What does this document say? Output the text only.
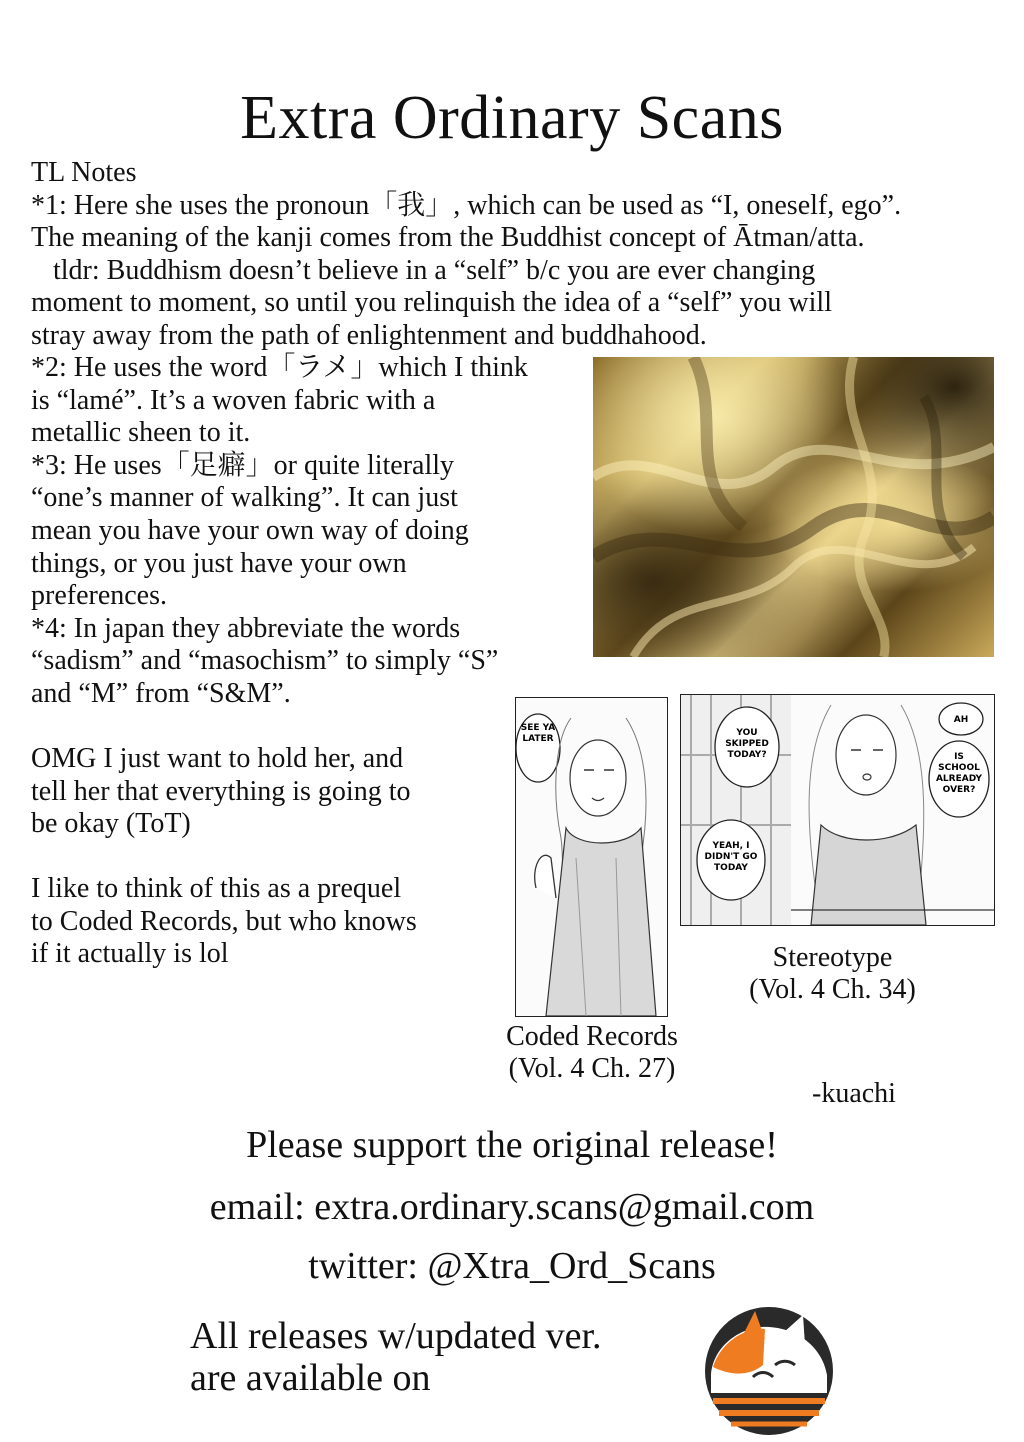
Extra Ordinary Scans

TL Notes

*1: Here she uses the pronoun「我」, which can be used as “I, oneself, ego”.

The meaning of the kanji comes from the Buddhist concept of Ātman/atta.

tldr: Buddhism doesn’t believe in a “self” b/c you are ever changing

moment to moment, so until you relinquish the idea of a “self” you will

stray away from the path of enlightenment and buddhahood.

*2: He uses the word「ラメ」which I think

is “lamé”. It’s a woven fabric with a

metallic sheen to it.

*3: He uses「足癖」or quite literally

“one’s manner of walking”. It can just

mean you have your own way of doing

things, or you just have your own

preferences.

*4: In japan they abbreviate the words

“sadism” and “masochism” to simply “S”

and “M” from “S&M”.

OMG I just want to hold her, and

tell her that everything is going to

be okay (ToT)

I like to think of this as a prequel

to Coded Records, but who knows

if it actually is lol

SEE YA
LATER
YOU
SKIPPED
TODAY?
YEAH, I
DIDN'T GO
TODAY
AH
IS
SCHOOL
ALREADY
OVER?
Stereotype
(Vol. 4 Ch. 34)
Coded Records
(Vol. 4 Ch. 27)
-kuachi
Please support the original release!
email: extra.ordinary.scans@gmail.com
twitter: @Xtra_Ord_Scans
All releases w/updated ver.
are available on
